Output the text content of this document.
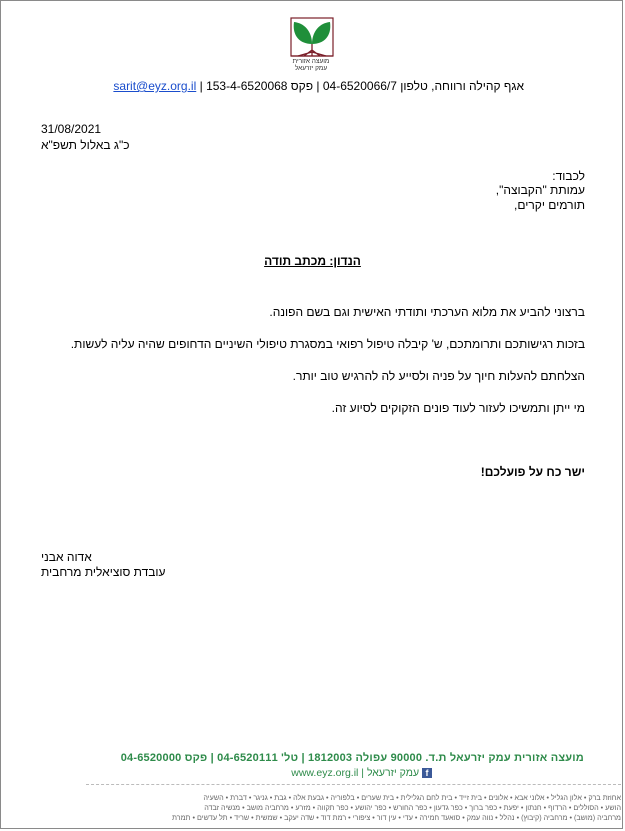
מועצה אזורית
עמק יזרעאל
אגף קהילה ורווחה, טלפון 04-6520066/7 | פקס 153-4-6520068 | sarit@eyz.org.il
31/08/2021
כ"ג באלול תשפ"א
לכבוד:
עמותת "הקבוצה",
תורמים יקרים,
הנדון: מכתב תודה
ברצוני להביע את מלוא הערכתי ותודתי האישית וגם בשם הפונה.
בזכות רגישותכם ותרומתכם, ש' קיבלה טיפול רפואי במסגרת טיפולי השיניים הדחופים שהיה עליה לעשות.
הצלחתם להעלות חיוך על פניה ולסייע לה להרגיש טוב יותר.
מי ייתן ותמשיכו לעזור לעוד פונים הזקוקים לסיוע זה.
ישר כח על פועלכם!
אדוה אבני
עובדת סוציאלית מרחבית
מועצה אזורית עמק יזרעאל ת.ד. 90000 עפולה 1812003 | טל' 04-6520111 | פקס 04-6520000
f עמק יזרעאל | www.eyz.org.il
אחוזת ברק • אלון הגליל • אלוני אבא • אלונים • בית זייד • בית לחם הגלילית • בית שערים • בלפוריה • גבעת אלה • גבת • גניגר • דברת • השעיה
הושע • הסוללים • הרדוף • חנתון • יפעת • כפר ברוך • כפר גדעון • כפר החורש • כפר יהושע • כפר תקווה • מזרע • מרחביה מושב • מנשיה זבדה
מרחביה (מושב) • מרחביה (קיבוץ) • נהלל • נווה עמק • סואעד חמירה • עדי • עין דור • ציפורי • רמת דוד • שדה יעקב • שמשית • שריד • תל עדשים • תמרת
